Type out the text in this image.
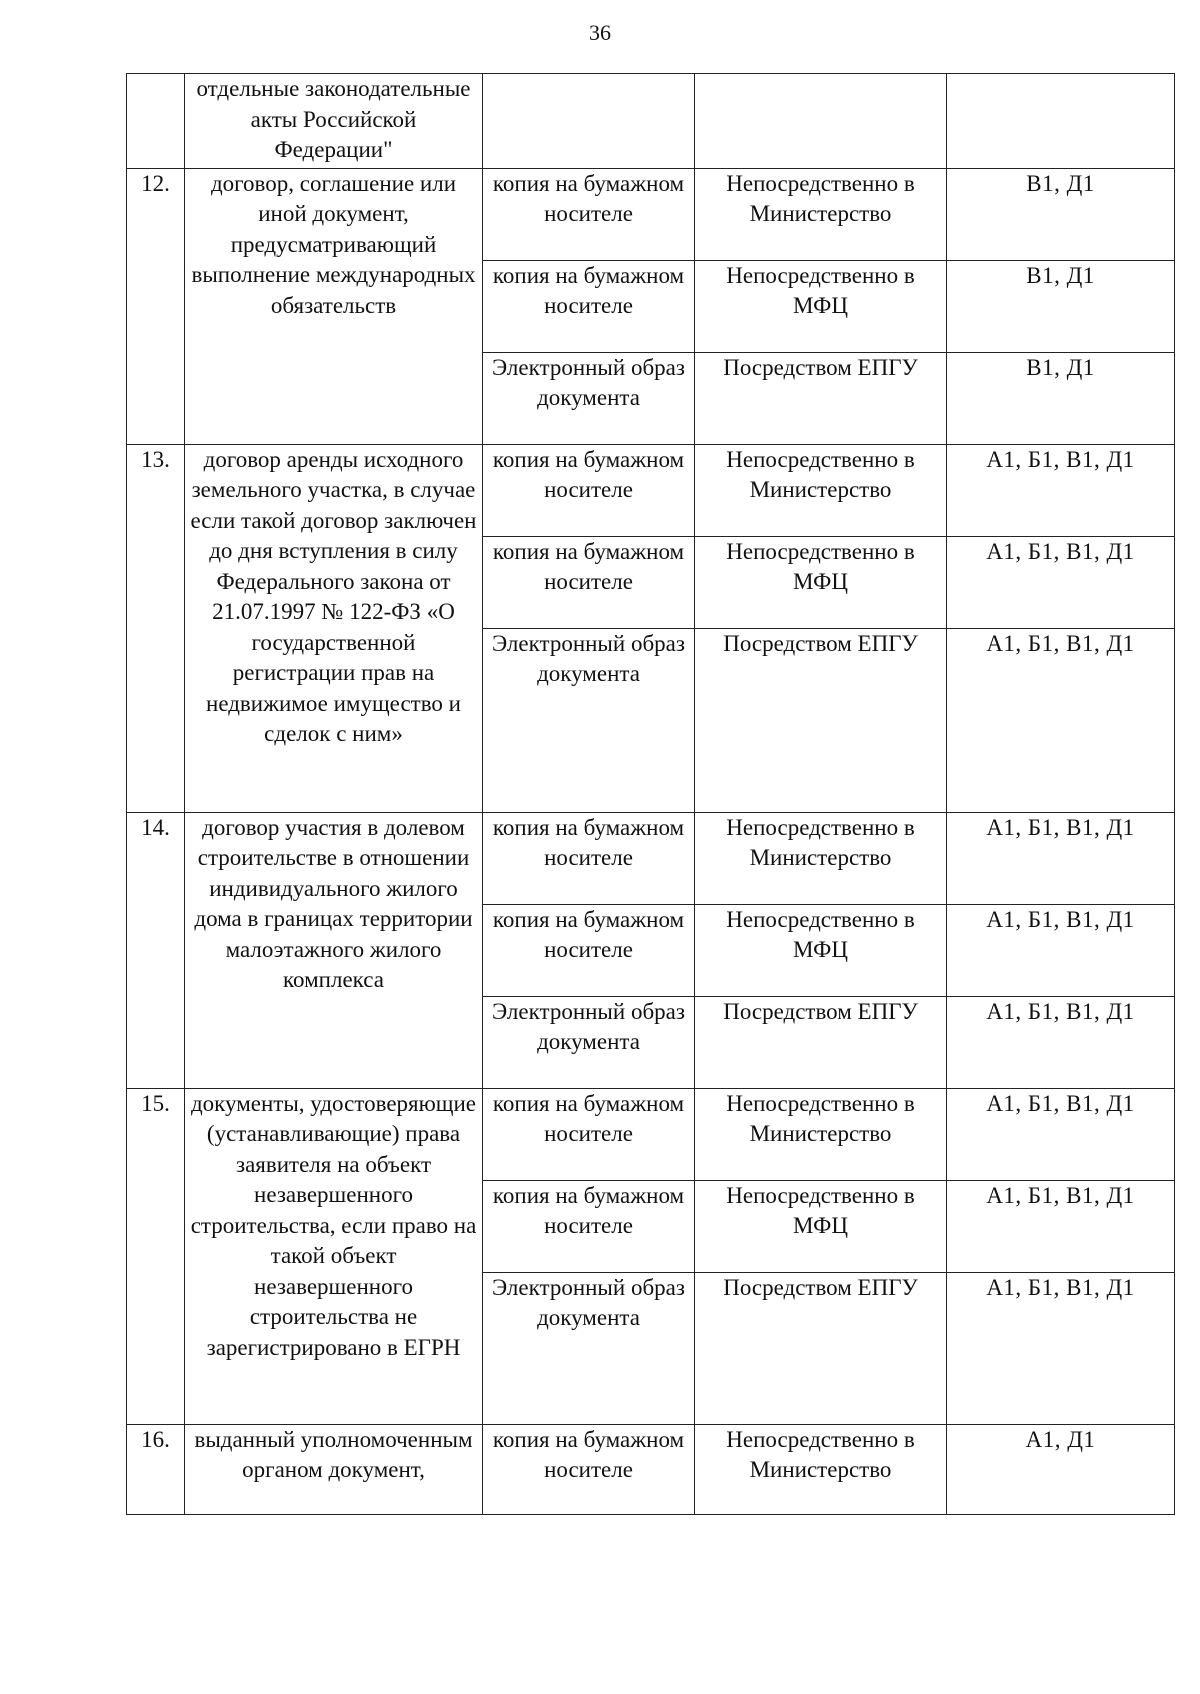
36
	отдельные законодательные акты Российской Федерации"			
12.	договор, соглашение или иной документ, предусматривающий выполнение международных обязательств	копия на бумажном носителе	Непосредственно в Министерство	В1, Д1
		копия на бумажном носителе	Непосредственно в МФЦ	В1, Д1
		Электронный образ документа	Посредством ЕПГУ	В1, Д1
13.	договор аренды исходного земельного участка, в случае если такой договор заключен до дня вступления в силу Федерального закона от 21.07.1997 № 122-ФЗ «О государственной регистрации прав на недвижимое имущество и сделок с ним»	копия на бумажном носителе	Непосредственно в Министерство	А1, Б1, В1, Д1
		копия на бумажном носителе	Непосредственно в МФЦ	А1, Б1, В1, Д1
		Электронный образ документа	Посредством ЕПГУ	А1, Б1, В1, Д1
14.	договор участия в долевом строительстве в отношении индивидуального жилого дома в границах территории малоэтажного жилого комплекса	копия на бумажном носителе	Непосредственно в Министерство	А1, Б1, В1, Д1
		копия на бумажном носителе	Непосредственно в МФЦ	А1, Б1, В1, Д1
		Электронный образ документа	Посредством ЕПГУ	А1, Б1, В1, Д1
15.	документы, удостоверяющие (устанавливающие) права заявителя на объект незавершенного строительства, если право на такой объект незавершенного строительства не зарегистрировано в ЕГРН	копия на бумажном носителе	Непосредственно в Министерство	А1, Б1, В1, Д1
		копия на бумажном носителе	Непосредственно в МФЦ	А1, Б1, В1, Д1
		Электронный образ документа	Посредством ЕПГУ	А1, Б1, В1, Д1
16.	выданный уполномоченным органом документ,	копия на бумажном носителе	Непосредственно в Министерство	А1, Д1
